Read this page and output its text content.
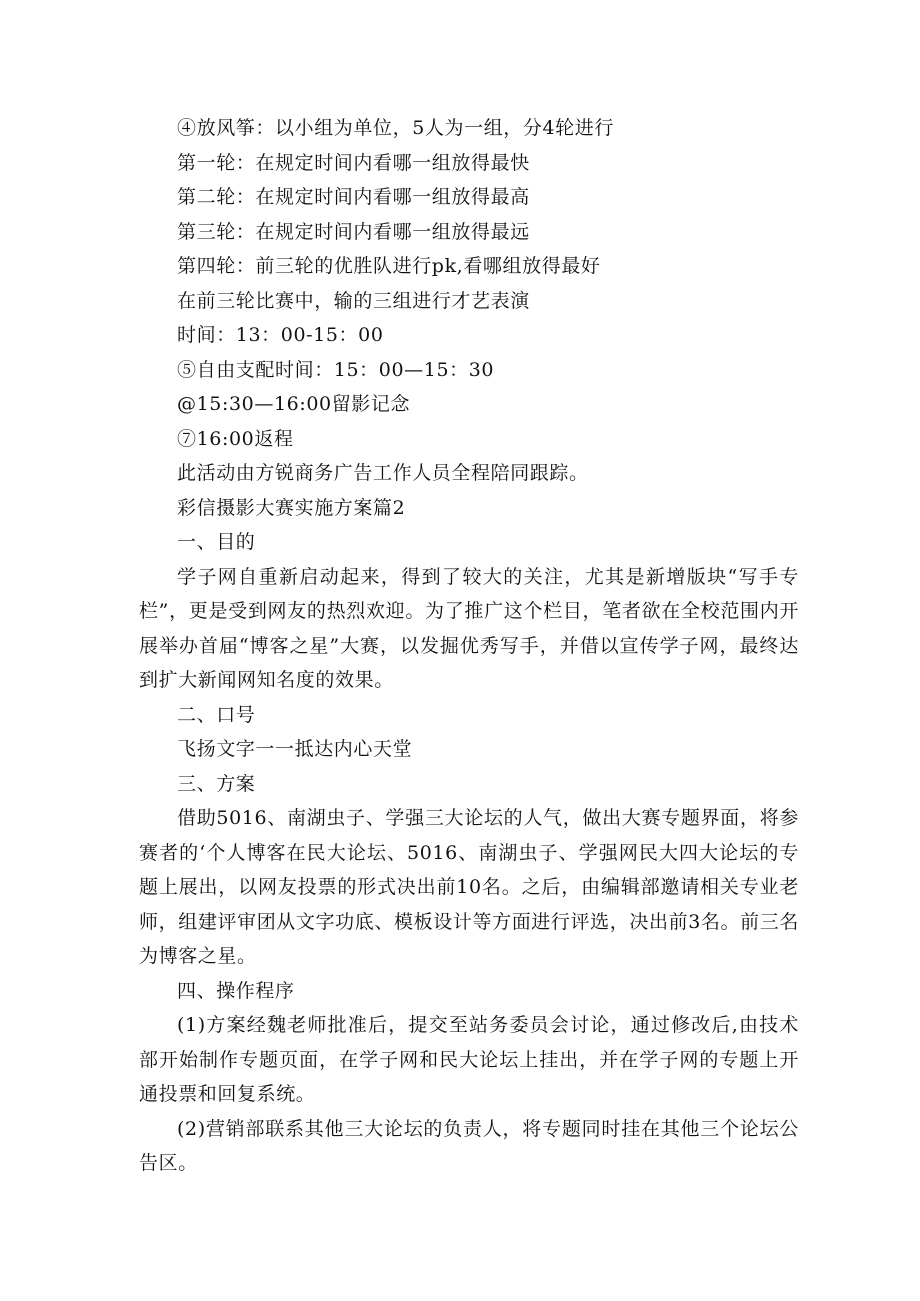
④放风筝：以小组为单位，5人为一组，分4轮进行

第一轮：在规定时间内看哪一组放得最快

第二轮：在规定时间内看哪一组放得最高

第三轮：在规定时间内看哪一组放得最远

第四轮：前三轮的优胜队进行pk,看哪组放得最好

在前三轮比赛中，输的三组进行才艺表演

时间：13：00-15：00

⑤自由支配时间：15：00—15：30

@15:30—16:00留影记念

⑦16:00返程

此活动由方锐商务广告工作人员全程陪同跟踪。

彩信摄影大赛实施方案篇2

一、目的

学子网自重新启动起来，得到了较大的关注，尤其是新增版块“写手专栏”，更是受到网友的热烈欢迎。为了推广这个栏目，笔者欲在全校范围内开展举办首届“博客之星”大赛，以发掘优秀写手，并借以宣传学子网，最终达到扩大新闻网知名度的效果。

二、口号

飞扬文字一一抵达内心天堂

三、方案

借助5016、南湖虫子、学强三大论坛的人气，做出大赛专题界面，将参赛者的‘个人博客在民大论坛、5016、南湖虫子、学强网民大四大论坛的专题上展出，以网友投票的形式决出前10名。之后，由编辑部邀请相关专业老师，组建评审团从文字功底、模板设计等方面进行评选，决出前3名。前三名为博客之星。

四、操作程序

(1)方案经魏老师批准后，提交至站务委员会讨论，通过修改后,由技术部开始制作专题页面，在学子网和民大论坛上挂出，并在学子网的专题上开通投票和回复系统。

(2)营销部联系其他三大论坛的负责人，将专题同时挂在其他三个论坛公告区。
